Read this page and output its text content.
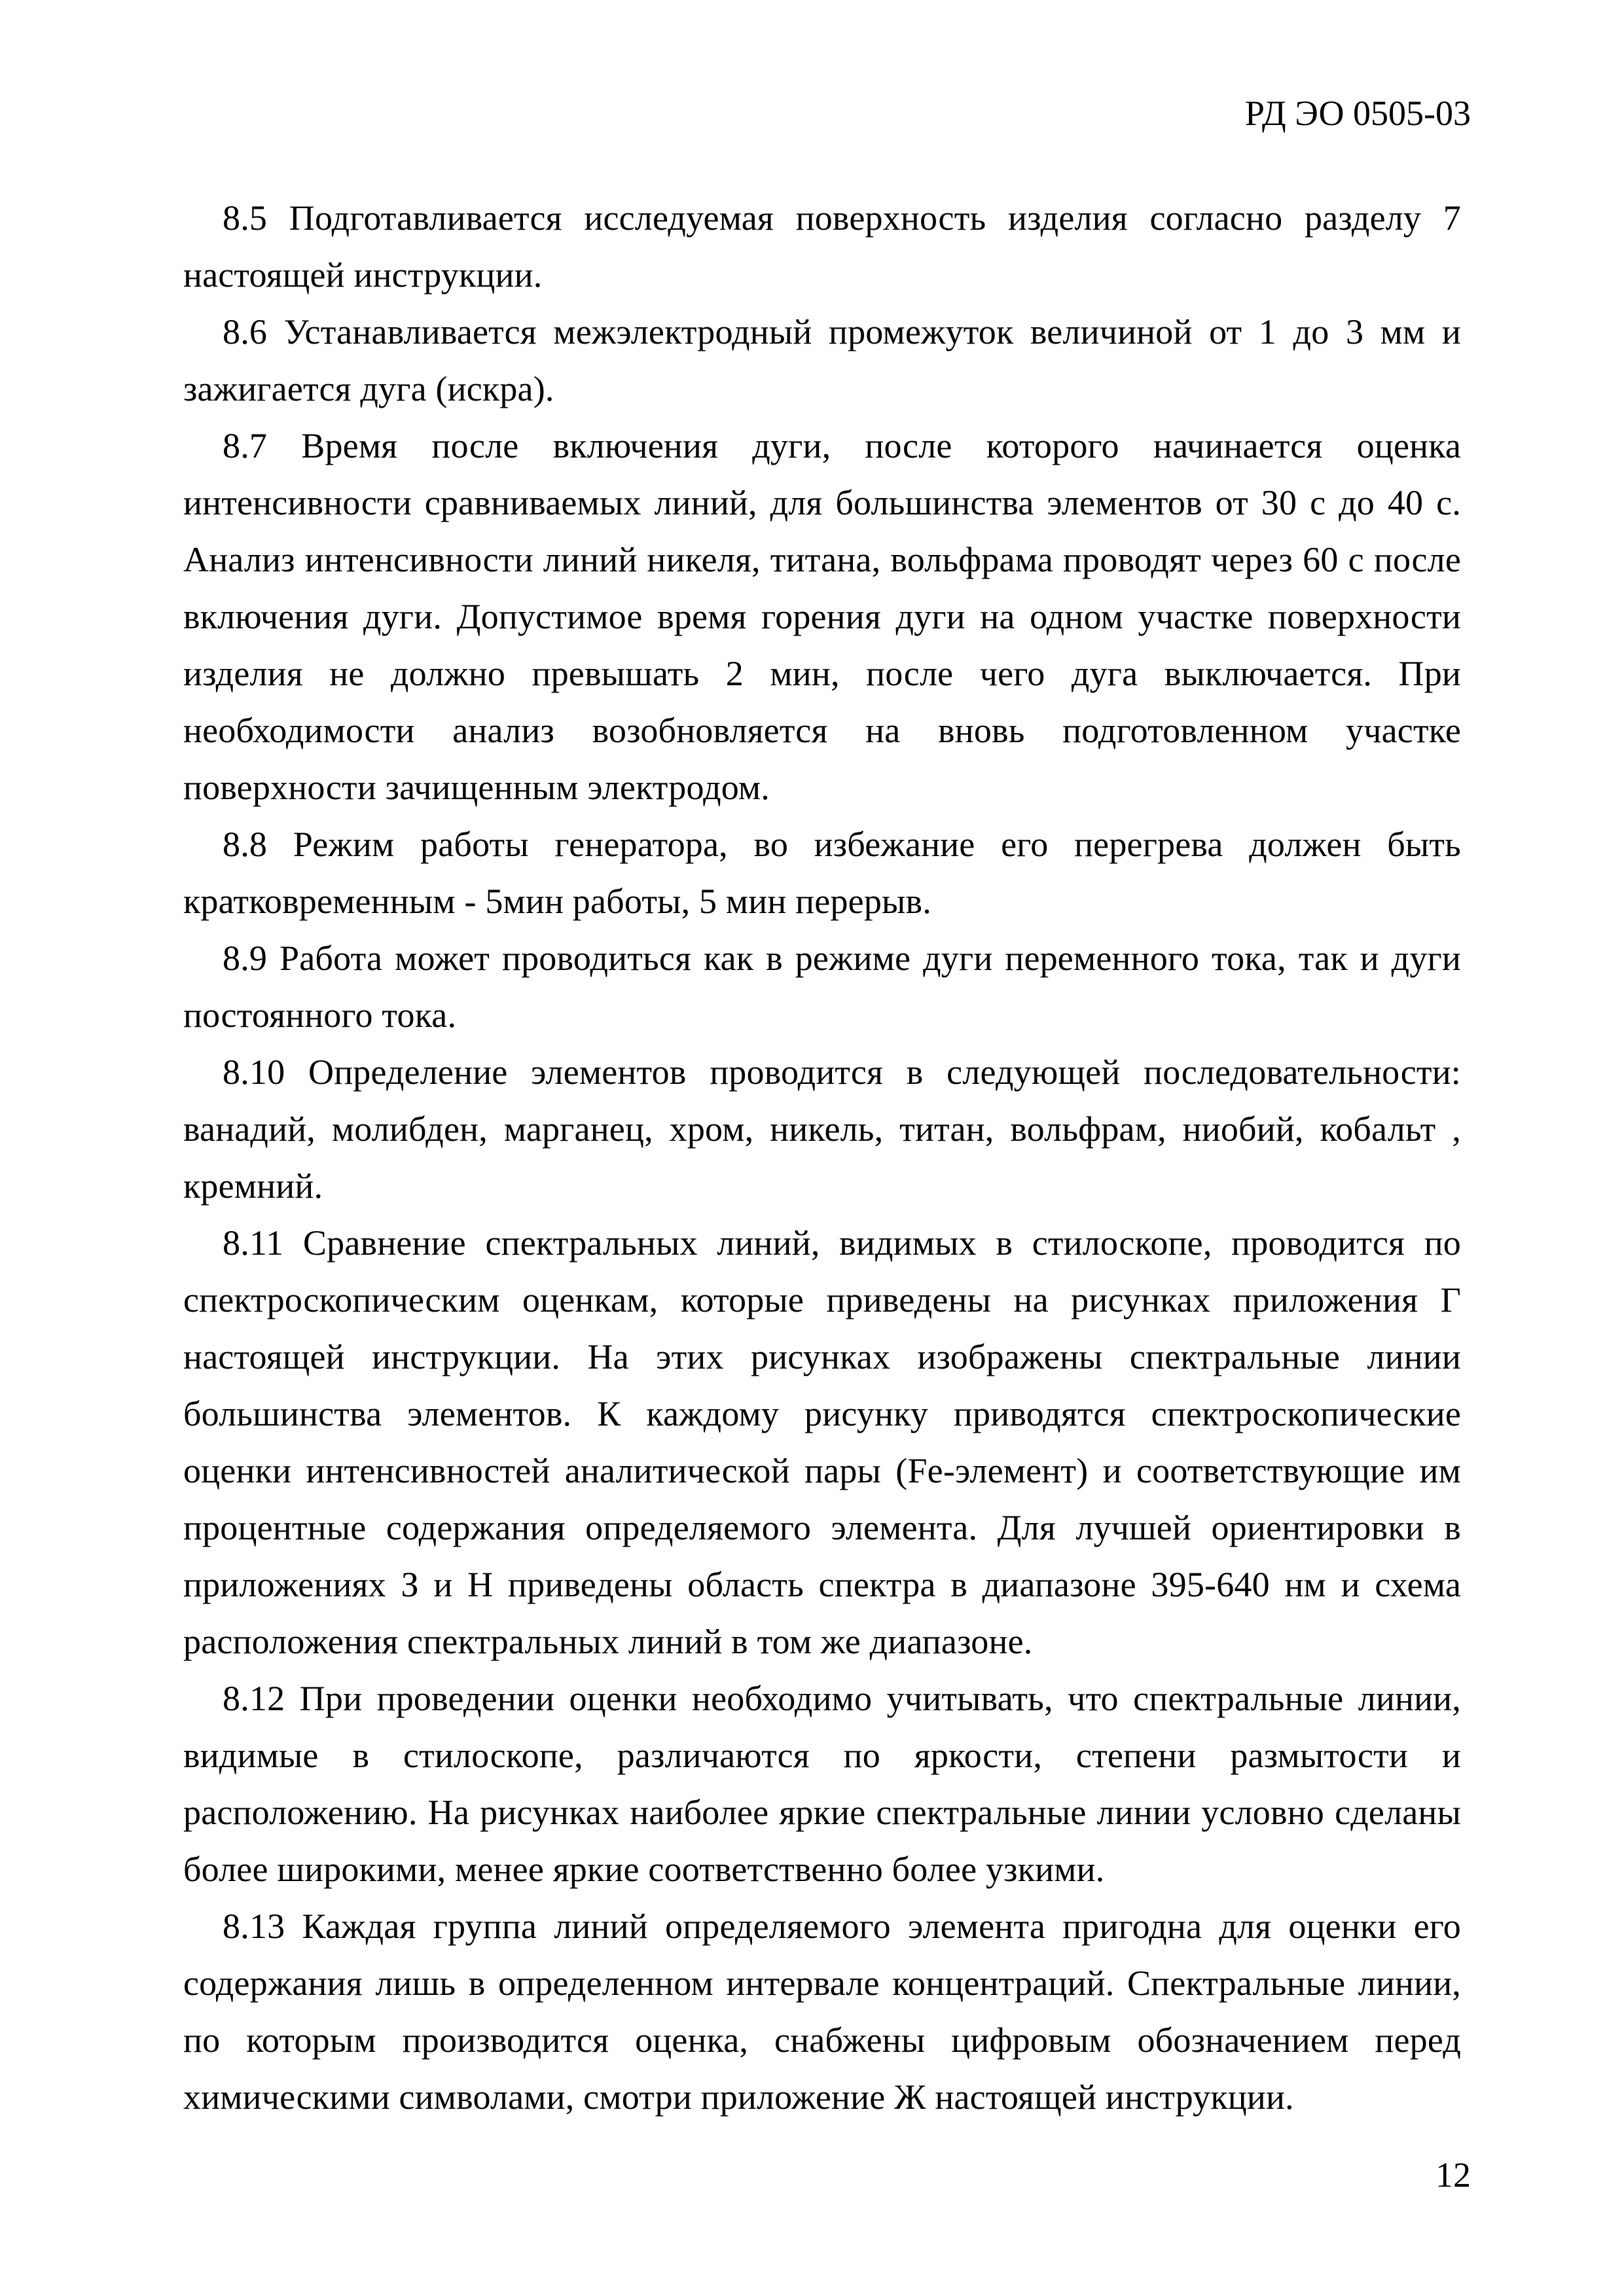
РД ЭО 0505-03

8.5 Подготавливается исследуемая поверхность изделия согласно разделу 7 настоящей инструкции.

8.6 Устанавливается межэлектродный промежуток величиной от 1 до 3 мм и зажигается дуга (искра).

8.7 Время после включения дуги, после которого начинается оценка интенсивности сравниваемых линий, для большинства элементов от 30 с до 40 с. Анализ интенсивности линий никеля, титана, вольфрама проводят через 60 с после включения дуги. Допустимое время горения дуги на одном участке поверхности изделия не должно превышать 2 мин, после чего дуга выключается. При необходимости анализ возобновляется на вновь подготовленном участке поверхности зачищенным электродом.

8.8 Режим работы генератора, во избежание его перегрева должен быть кратковременным - 5мин работы, 5 мин перерыв.

8.9 Работа может проводиться как в режиме дуги переменного тока, так и дуги постоянного тока.

8.10 Определение элементов проводится в следующей последовательности: ванадий, молибден, марганец, хром, никель, титан, вольфрам, ниобий, кобальт , кремний.

8.11 Сравнение спектральных линий, видимых в стилоскопе, проводится по спектроскопическим оценкам, которые приведены на рисунках приложения Г настоящей инструкции. На этих рисунках изображены спектральные линии большинства элементов. К каждому рисунку приводятся спектроскопические оценки интенсивностей аналитической пары (Fe-элемент) и соответствующие им процентные содержания определяемого элемента. Для лучшей ориентировки в приложениях З и Н приведены область спектра в диапазоне 395-640 нм и схема расположения спектральных линий в том же диапазоне.

8.12 При проведении оценки необходимо учитывать, что спектральные линии, видимые в стилоскопе, различаются по яркости, степени размытости и расположению. На рисунках наиболее яркие спектральные линии условно сделаны более широкими, менее яркие соответственно более узкими.

8.13 Каждая группа линий определяемого элемента пригодна для оценки его содержания лишь в определенном интервале концентраций. Спектральные линии, по которым производится оценка, снабжены цифровым обозначением перед химическими символами, смотри приложение Ж настоящей инструкции.

12
